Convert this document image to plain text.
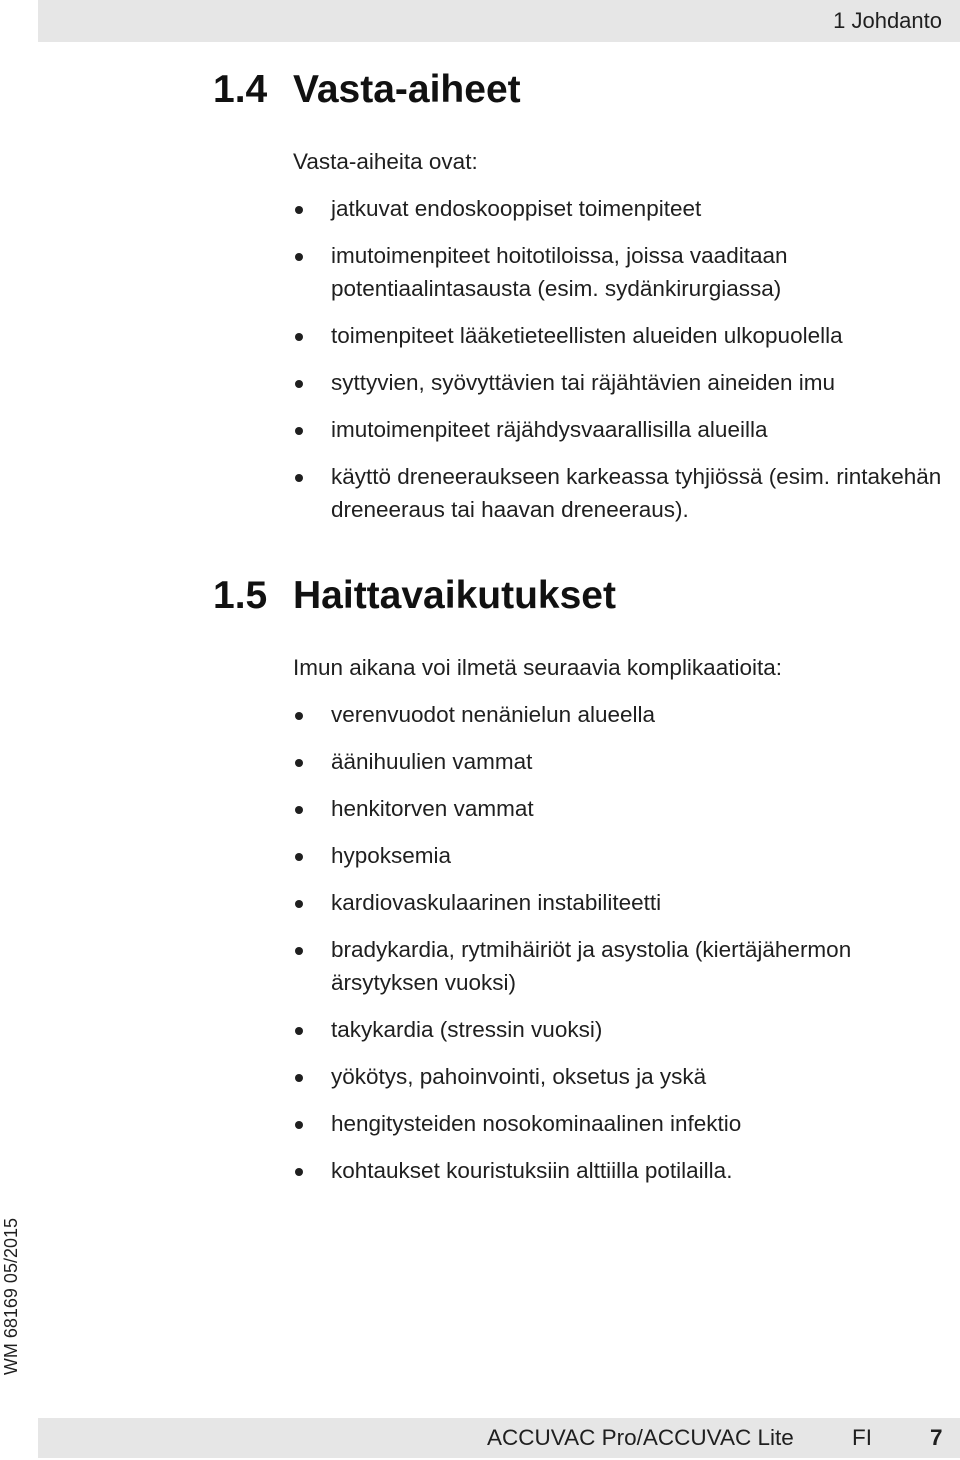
1 Johdanto
1.4 Vasta-aiheet

Vasta-aiheita ovat:

jatkuvat endoskooppiset toimenpiteet
imutoimenpiteet hoitotiloissa, joissa vaaditaan
potentiaalintasausta (esim. sydänkirurgiassa)
toimenpiteet lääketieteellisten alueiden ulkopuolella
syttyvien, syövyttävien tai räjähtävien aineiden imu
imutoimenpiteet räjähdysvaarallisilla alueilla
käyttö dreneeraukseen karkeassa tyhjiössä (esim. rintakehän
dreneeraus tai haavan dreneeraus).
1.5 Haittavaikutukset

Imun aikana voi ilmetä seuraavia komplikaatioita:

verenvuodot nenänielun alueella
äänihuulien vammat
henkitorven vammat
hypoksemia
kardiovaskulaarinen instabiliteetti
bradykardia, rytmihäiriöt ja asystolia (kiertäjähermon
ärsytyksen vuoksi)
takykardia (stressin vuoksi)
yökötys, pahoinvointi, oksetus ja yskä
hengitysteiden nosokominaalinen infektio
kohtaukset kouristuksiin alttiilla potilailla.
WM 68169 05/2015
ACCUVAC Pro/ACCUVAC Lite	FI	7
